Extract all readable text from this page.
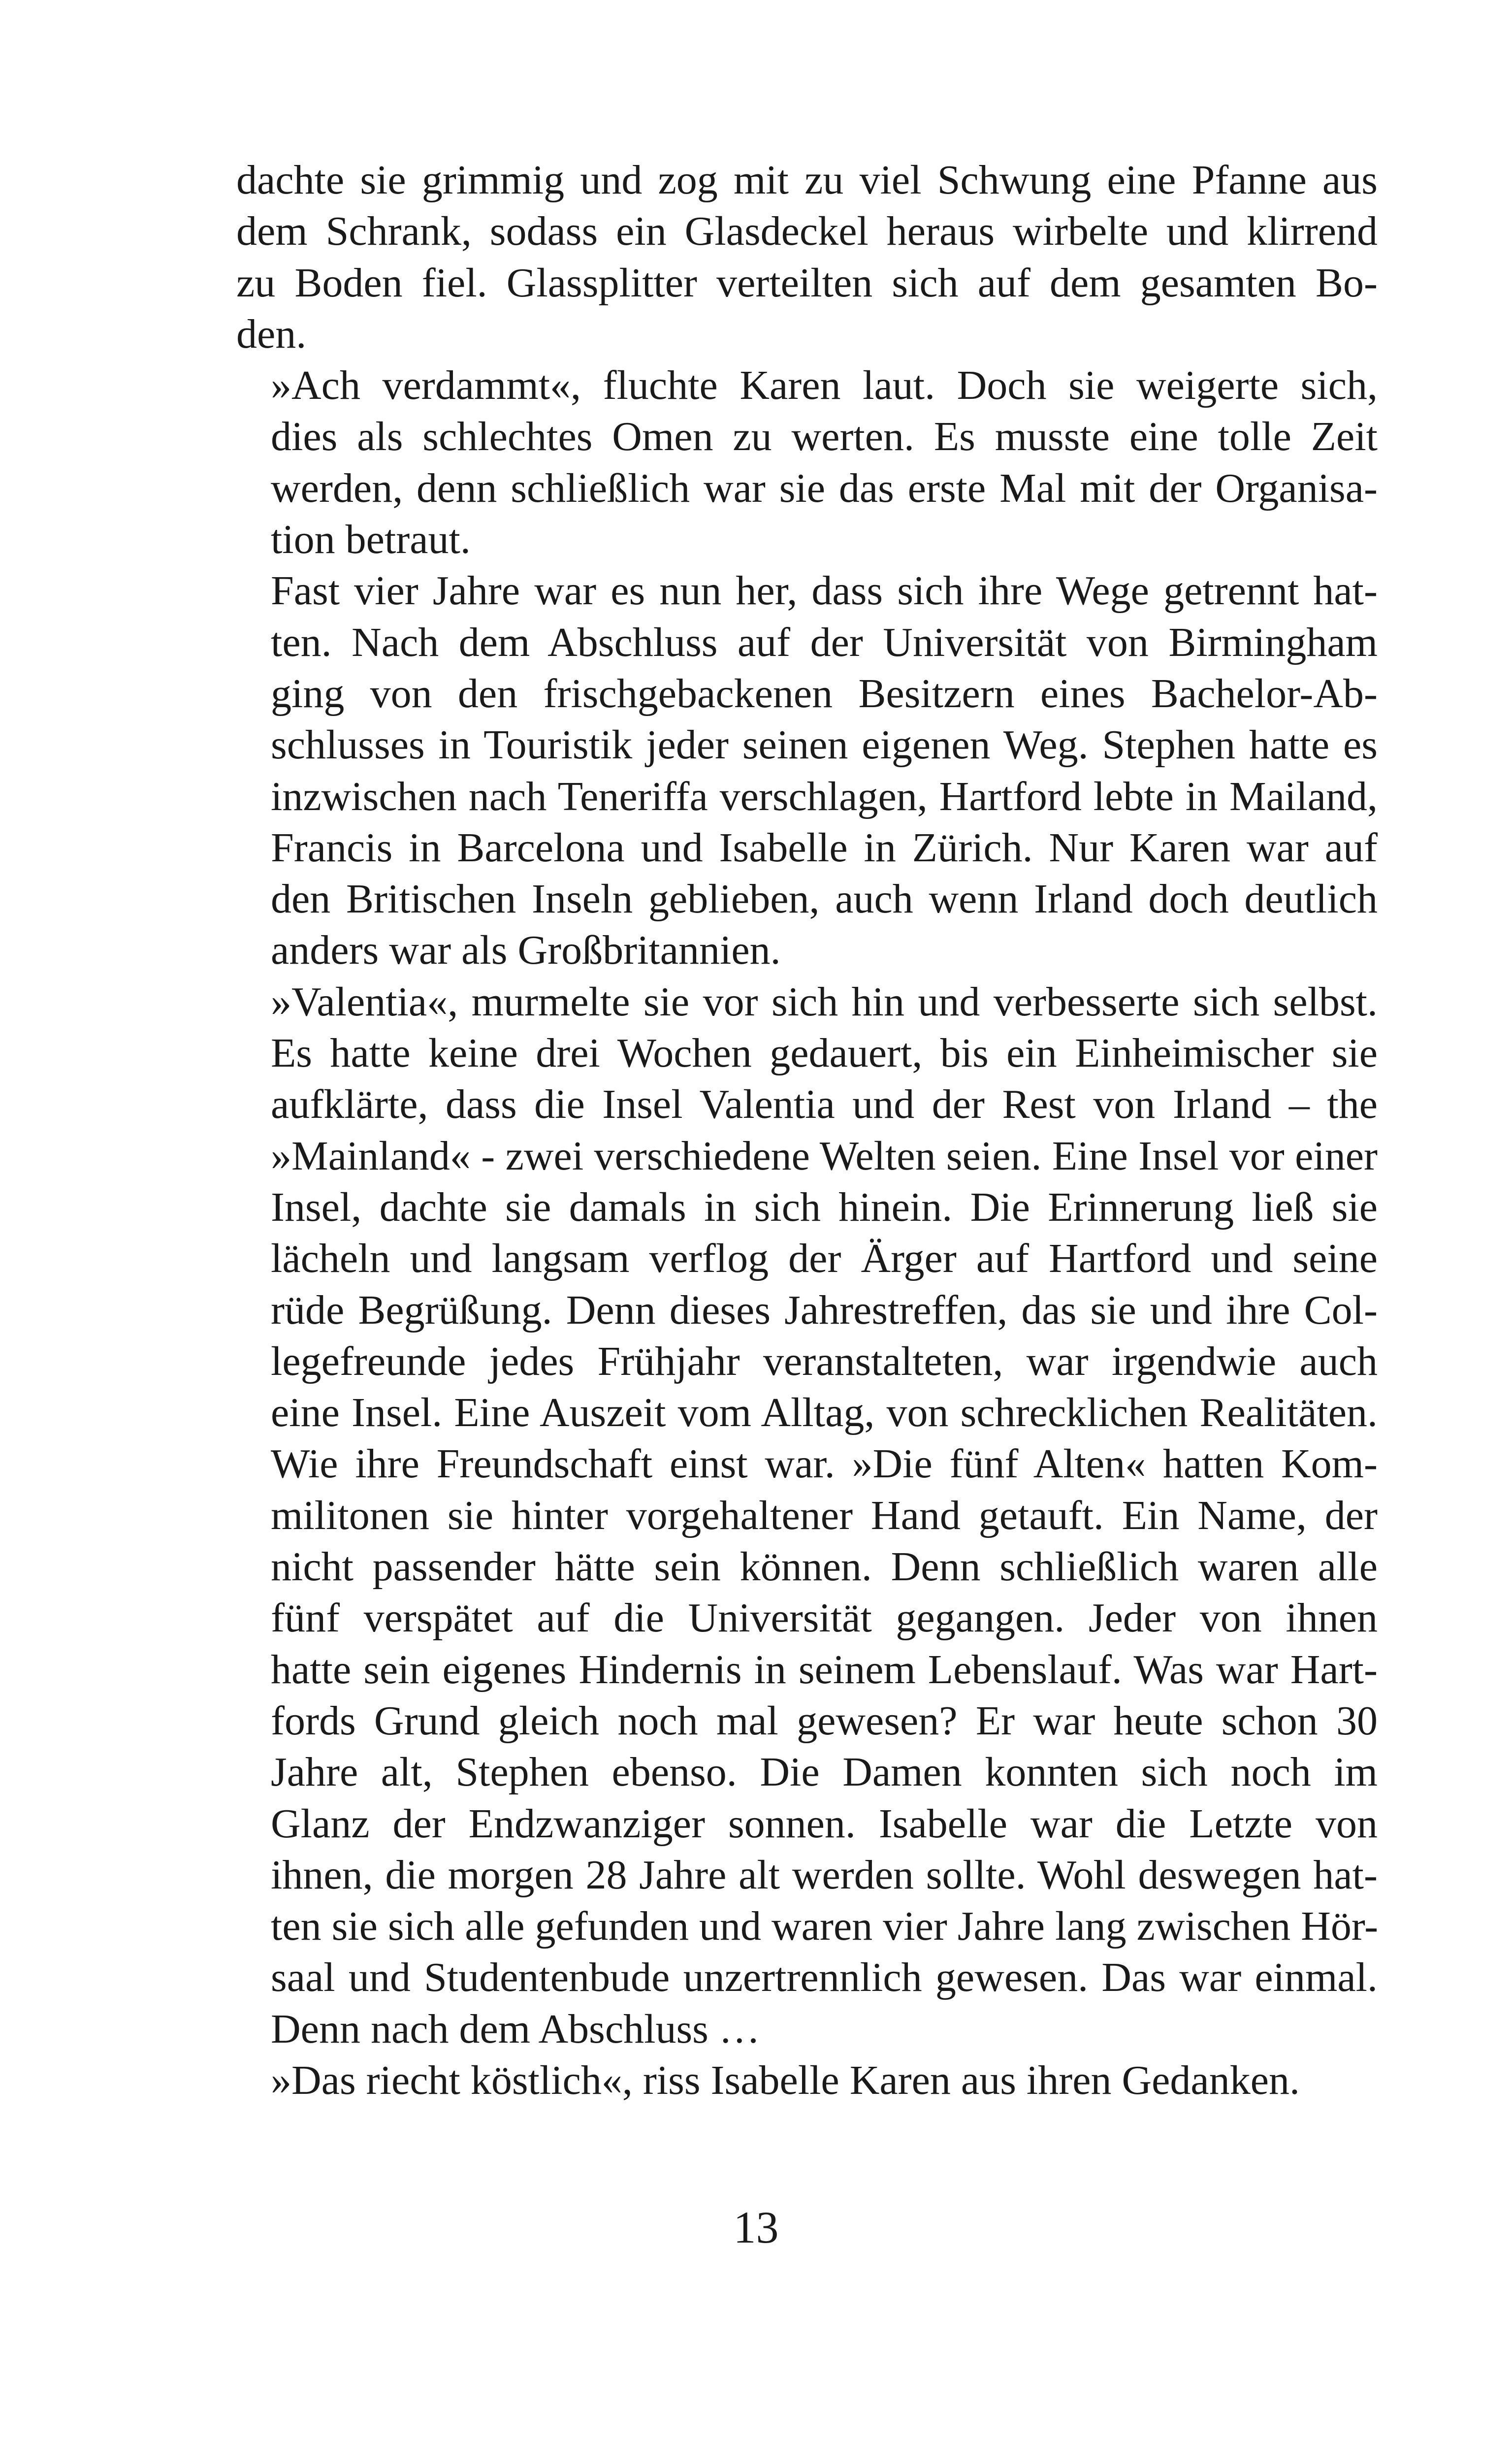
dachte sie grimmig und zog mit zu viel Schwung eine Pfanne aus
dem Schrank, sodass ein Glasdeckel heraus wirbelte und klirrend
zu Boden fiel. Glassplitter verteilten sich auf dem gesamten Bo-
den.

»Ach verdammt«, fluchte Karen laut. Doch sie weigerte sich,
dies als schlechtes Omen zu werten. Es musste eine tolle Zeit
werden, denn schließlich war sie das erste Mal mit der Organisa-
tion betraut.

Fast vier Jahre war es nun her, dass sich ihre Wege getrennt hat-
ten. Nach dem Abschluss auf der Universität von Birmingham
ging von den frischgebackenen Besitzern eines Bachelor-Ab-
schlusses in Touristik jeder seinen eigenen Weg. Stephen hatte es
inzwischen nach Teneriffa verschlagen, Hartford lebte in Mailand,
Francis in Barcelona und Isabelle in Zürich. Nur Karen war auf
den Britischen Inseln geblieben, auch wenn Irland doch deutlich
anders war als Großbritannien.

»Valentia«, murmelte sie vor sich hin und verbesserte sich selbst.
Es hatte keine drei Wochen gedauert, bis ein Einheimischer sie
aufklärte, dass die Insel Valentia und der Rest von Irland – the
»Mainland« - zwei verschiedene Welten seien. Eine Insel vor einer
Insel, dachte sie damals in sich hinein. Die Erinnerung ließ sie
lächeln und langsam verflog der Ärger auf Hartford und seine
rüde Begrüßung. Denn dieses Jahrestreffen, das sie und ihre Col-
legefreunde jedes Frühjahr veranstalteten, war irgendwie auch
eine Insel. Eine Auszeit vom Alltag, von schrecklichen Realitäten.
Wie ihre Freundschaft einst war. »Die fünf Alten« hatten Kom-
militonen sie hinter vorgehaltener Hand getauft. Ein Name, der
nicht passender hätte sein können. Denn schließlich waren alle
fünf verspätet auf die Universität gegangen. Jeder von ihnen
hatte sein eigenes Hindernis in seinem Lebenslauf. Was war Hart-
fords Grund gleich noch mal gewesen? Er war heute schon 30
Jahre alt, Stephen ebenso. Die Damen konnten sich noch im
Glanz der Endzwanziger sonnen. Isabelle war die Letzte von
ihnen, die morgen 28 Jahre alt werden sollte. Wohl deswegen hat-
ten sie sich alle gefunden und waren vier Jahre lang zwischen Hör-
saal und Studentenbude unzertrennlich gewesen. Das war einmal.
Denn nach dem Abschluss …

»Das riecht köstlich«, riss Isabelle Karen aus ihren Gedanken.

13
